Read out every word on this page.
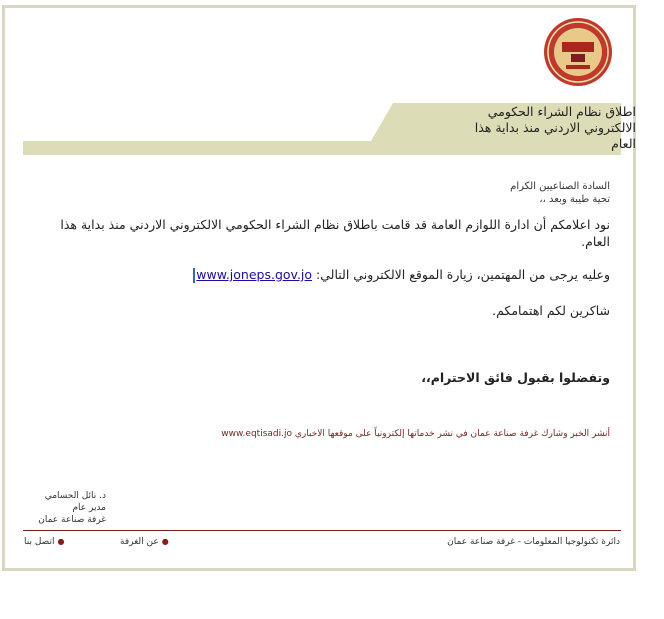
اطلاق نظام الشراء الحكومي
الالكتروني الاردني منذ بداية هذا
العام
السادة الصناعيين الكرام
تحية طيبة وبعد ،،
نود اعلامكم أن ادارة اللوازم العامة قد قامت باطلاق نظام الشراء الحكومي الالكتروني الاردني منذ بداية هذا العام.
وعليه يرجى من المهتمين، زيارة الموقع الالكتروني التالي: www.joneps.gov.jo
شاكرين لكم اهتمامكم.
وتفضلوا بقبول فائق الاحترام،،
أنشر الخبر وشارك غرفة صناعة عمان في نشر خدماتها إلكترونياً على موقعها الاخباري www.eqtisadi.jo
د. نائل الحسامي
مدير عام
غرفة صناعة عمان
دائرة تكنولوجيا المعلومات - غرفة صناعة عمان
●عن الغرفة
●اتصل بنا
